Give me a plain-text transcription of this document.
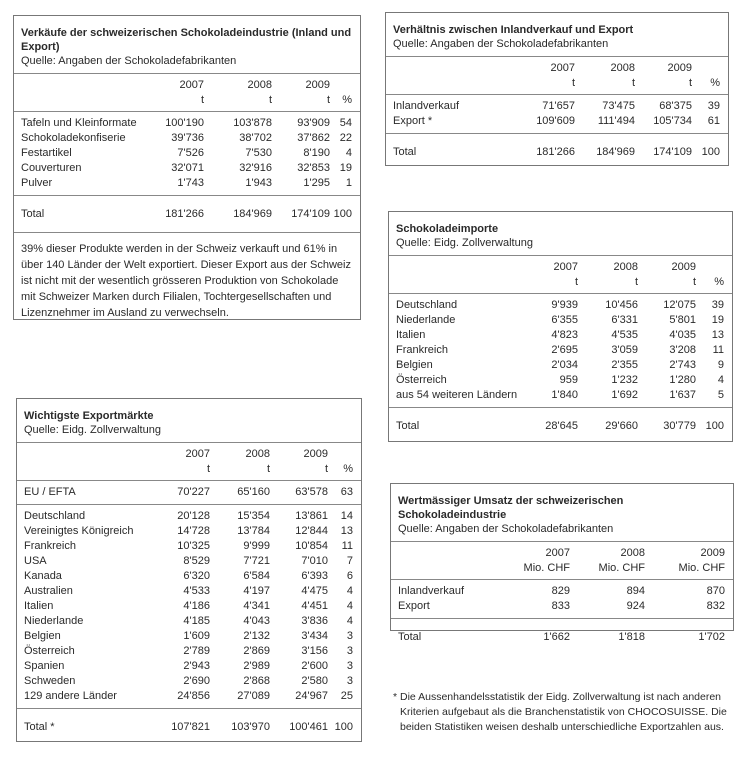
Verkäufe der schweizerischen Schokoladeindustrie (Inland und Export)
Quelle: Angaben der Schokoladefabrikanten
2007	2008	2009
t	t	t	%
Tafeln und Kleinformate	100'190	103'878	93'909 54
Schokoladekonfiserie	39'736	38'702	37'862 22
Festartikel	7'526	7'530	8'190	4
Couverturen	32'071	32'916	32'853 19
Pulver	1'743	1'943	1'295	1
Total	181'266	184'969	174'109 100
39% dieser Produkte werden in der Schweiz verkauft und 61% in über 140 Länder der Welt exportiert. Dieser Export aus der Schweiz ist nicht mit der wesentlich grösseren Produktion von Schokolade mit Schweizer Marken durch Filialen, Tochtergesellschaften und Lizenznehmer im Ausland zu verwechseln.
Verhältnis zwischen Inlandverkauf und Export
Quelle: Angaben der Schokoladefabrikanten
2007	2008	2009
t	t	t	%
Inlandverkauf	71'657	73'475	68'375	39
Export *	109'609	111'494	105'734	61
Total	181'266	184'969	174'109 100
Schokoladeimporte
Quelle: Eidg. Zollverwaltung
2007	2008	2009
t	t	t	%
Deutschland	9'939	10'456	12'075	39
Niederlande	6'355	6'331	5'801	19
Italien	4'823	4'535	4'035	13
Frankreich	2'695	3'059	3'208	11
Belgien	2'034	2'355	2'743	9
Österreich	959	1'232	1'280	4
aus 54 weiteren Ländern	1'840	1'692	1'637	5
Total	28'645	29'660	30'779 100
Wichtigste Exportmärkte
Quelle: Eidg. Zollverwaltung
2007	2008	2009
t	t	t	%
EU / EFTA	70'227	65'160	63'578	63
Deutschland	20'128	15'354	13'861	14
Vereinigtes Königreich	14'728	13'784	12'844	13
Frankreich	10'325	9'999	10'854	11
USA	8'529	7'721	7'010	7
Kanada	6'320	6'584	6'393	6
Australien	4'533	4'197	4'475	4
Italien	4'186	4'341	4'451	4
Niederlande	4'185	4'043	3'836	4
Belgien	1'609	2'132	3'434	3
Österreich	2'789	2'869	3'156	3
Spanien	2'943	2'989	2'600	3
Schweden	2'690	2'868	2'580	3
129 andere Länder	24'856	27'089	24'967	25
Total *	107'821	103'970	100'461 100
Wertmässiger Umsatz der schweizerischen Schokoladeindustrie
Quelle: Angaben der Schokoladefabrikanten
2007	2008	2009
Mio. CHF	Mio. CHF	Mio. CHF
Inlandverkauf	829	894	870
Export	833	924	832
Total	1'662	1'818	1'702
* Die Aussenhandelsstatistik der Eidg. Zollverwaltung ist nach anderen Kriterien aufgebaut als die Branchenstatistik von CHOCOSUISSE. Die beiden Statistiken weisen deshalb unterschiedliche Exportzahlen aus.
